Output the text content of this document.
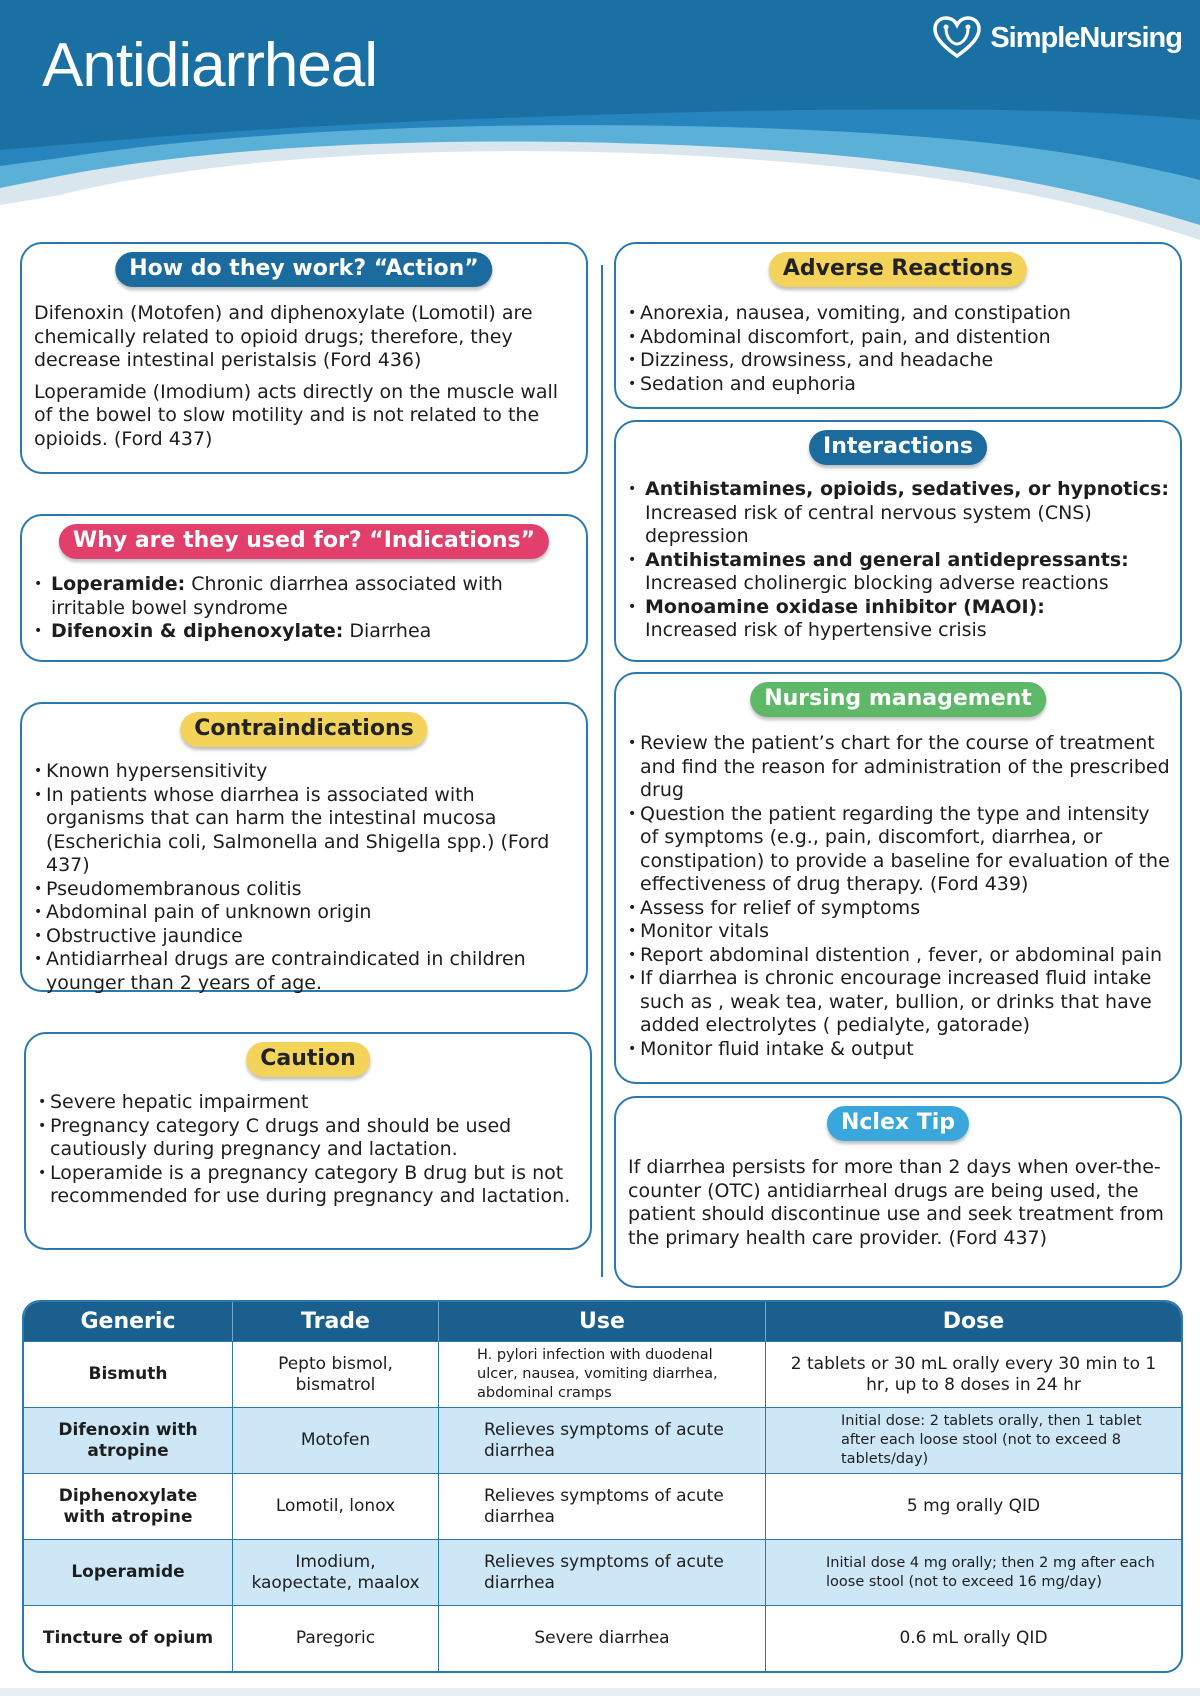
Antidiarrheal	SimpleNursing
How do they work? “Action”

Difenoxin (Motofen) and diphenoxylate (Lomotil) are chemically related to opioid drugs; therefore, they decrease intestinal peristalsis (Ford 436)

Loperamide (Imodium) acts directly on the muscle wall of the bowel to slow motility and is not related to the opioids. (Ford 437)

Why are they used for? “Indications”
• Loperamide: Chronic diarrhea associated with irritable bowel syndrome
• Difenoxin & diphenoxylate: Diarrhea
Contraindications
• Known hypersensitivity
• In patients whose diarrhea is associated with organisms that can harm the intestinal mucosa (Escherichia coli, Salmonella and Shigella spp.) (Ford 437)
• Pseudomembranous colitis
• Abdominal pain of unknown origin
• Obstructive jaundice
• Antidiarrheal drugs are contraindicated in children younger than 2 years of age.
Caution
• Severe hepatic impairment
• Pregnancy category C drugs and should be used cautiously during pregnancy and lactation.
• Loperamide is a pregnancy category B drug but is not recommended for use during pregnancy and lactation.
Adverse Reactions
• Anorexia, nausea, vomiting, and constipation
• Abdominal discomfort, pain, and distention
• Dizziness, drowsiness, and headache
• Sedation and euphoria
Interactions
• Antihistamines, opioids, sedatives, or hypnotics:
Increased risk of central nervous system (CNS) depression
• Antihistamines and general antidepressants:
Increased cholinergic blocking adverse reactions
• Monoamine oxidase inhibitor (MAOI):
Increased risk of hypertensive crisis
Nursing management
• Review the patient’s chart for the course of treatment and find the reason for administration of the prescribed drug
• Question the patient regarding the type and intensity of symptoms (e.g., pain, discomfort, diarrhea, or constipation) to provide a baseline for evaluation of the effectiveness of drug therapy. (Ford 439)
• Assess for relief of symptoms
• Monitor vitals
• Report abdominal distention , fever, or abdominal pain
• If diarrhea is chronic encourage increased fluid intake such as , weak tea, water, bullion, or drinks that have added electrolytes ( pedialyte, gatorade)
• Monitor fluid intake & output
Nclex Tip

If diarrhea persists for more than 2 days when over-the-counter (OTC) antidiarrheal drugs are being used, the patient should discontinue use and seek treatment from the primary health care provider. (Ford 437)

Generic	Trade	Use	Dose
Bismuth	Pepto bismol, bismatrol	H. pylori infection with duodenal ulcer, nausea, vomiting diarrhea, abdominal cramps	2 tablets or 30 mL orally every 30 min to 1 hr, up to 8 doses in 24 hr
Difenoxin with atropine	Motofen	Relieves symptoms of acute diarrhea	Initial dose: 2 tablets orally, then 1 tablet after each loose stool (not to exceed 8 tablets/day)
Diphenoxylate with atropine	Lomotil, lonox	Relieves symptoms of acute diarrhea	5 mg orally QID
Loperamide	Imodium, kaopectate, maalox	Relieves symptoms of acute diarrhea	Initial dose 4 mg orally; then 2 mg after each loose stool (not to exceed 16 mg/day)
Tincture of opium	Paregoric	Severe diarrhea	0.6 mL orally QID
